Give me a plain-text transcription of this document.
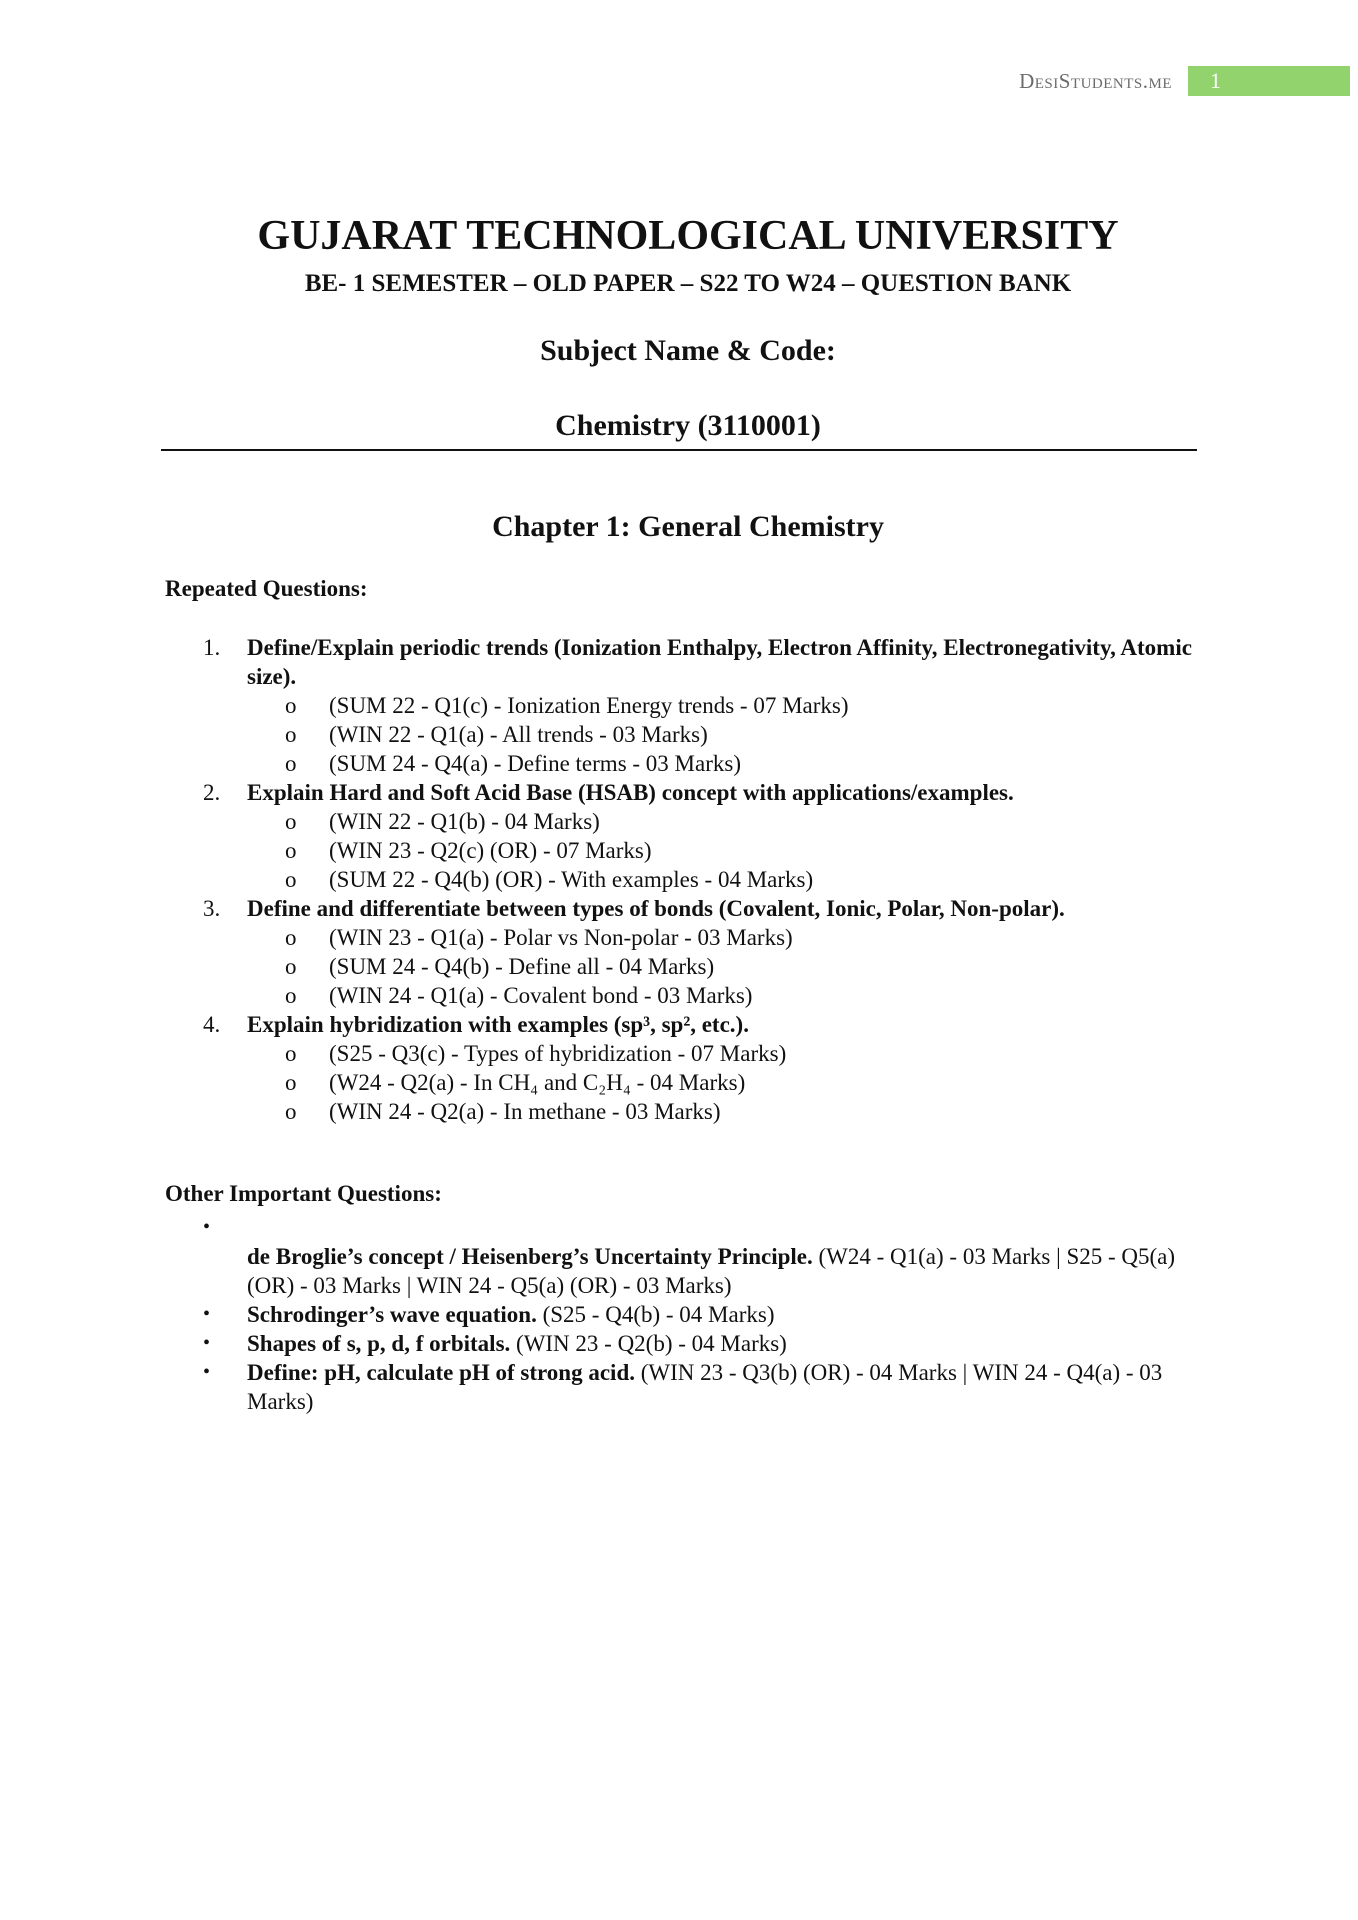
DesiStudents.me	1
GUJARAT TECHNOLOGICAL UNIVERSITY
BE- 1 SEMESTER – OLD PAPER – S22 TO W24 – QUESTION BANK
Subject Name & Code:
Chemistry (3110001)
Chapter 1: General Chemistry
Repeated Questions:
1. Define/Explain periodic trends (Ionization Enthalpy, Electron Affinity, Electronegativity, Atomic size).
o (SUM 22 - Q1(c) - Ionization Energy trends - 07 Marks)
o (WIN 22 - Q1(a) - All trends - 03 Marks)
o (SUM 24 - Q4(a) - Define terms - 03 Marks)
2. Explain Hard and Soft Acid Base (HSAB) concept with applications/examples.
o (WIN 22 - Q1(b) - 04 Marks)
o (WIN 23 - Q2(c) (OR) - 07 Marks)
o (SUM 22 - Q4(b) (OR) - With examples - 04 Marks)
3. Define and differentiate between types of bonds (Covalent, Ionic, Polar, Non-polar).
o (WIN 23 - Q1(a) - Polar vs Non-polar - 03 Marks)
o (SUM 24 - Q4(b) - Define all - 04 Marks)
o (WIN 24 - Q1(a) - Covalent bond - 03 Marks)
4. Explain hybridization with examples (sp³, sp², etc.).
o (S25 - Q3(c) - Types of hybridization - 07 Marks)
o (W24 - Q2(a) - In CH₄ and C₂H₄ - 04 Marks)
o (WIN 24 - Q2(a) - In methane - 03 Marks)
Other Important Questions:
•
de Broglie’s concept / Heisenberg’s Uncertainty Principle. (W24 - Q1(a) - 03 Marks | S25 - Q5(a) (OR) - 03 Marks | WIN 24 - Q5(a) (OR) - 03 Marks)
• Schrodinger’s wave equation. (S25 - Q4(b) - 04 Marks)
• Shapes of s, p, d, f orbitals. (WIN 23 - Q2(b) - 04 Marks)
• Define: pH, calculate pH of strong acid. (WIN 23 - Q3(b) (OR) - 04 Marks | WIN 24 - Q4(a) - 03 Marks)
